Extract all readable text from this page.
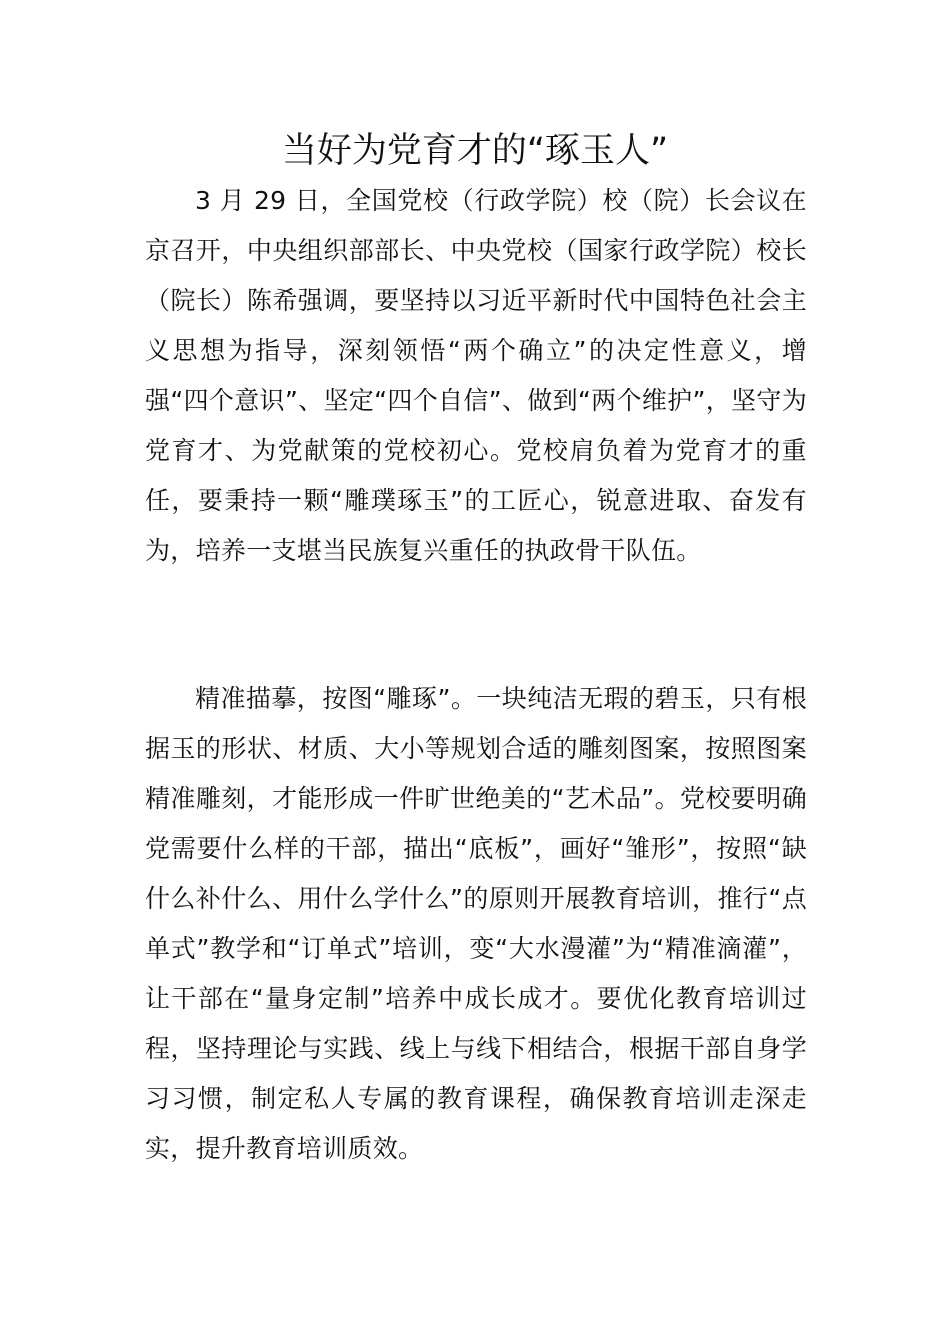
当好为党育才的“琢玉人”

3 月 29 日，全国党校（行政学院）校（院）长会议在京召开，中央组织部部长、中央党校（国家行政学院）校长（院长）陈希强调，要坚持以习近平新时代中国特色社会主义思想为指导，深刻领悟“两个确立”的决定性意义，增强“四个意识”、坚定“四个自信”、做到“两个维护”，坚守为党育才、为党献策的党校初心。党校肩负着为党育才的重任，要秉持一颗“雕璞琢玉”的工匠心，锐意进取、奋发有为，培养一支堪当民族复兴重任的执政骨干队伍。

精准描摹，按图“雕琢”。一块纯洁无瑕的碧玉，只有根据玉的形状、材质、大小等规划合适的雕刻图案，按照图案精准雕刻，才能形成一件旷世绝美的“艺术品”。党校要明确党需要什么样的干部，描出“底板”，画好“雏形”，按照“缺什么补什么、用什么学什么”的原则开展教育培训，推行“点单式”教学和“订单式”培训，变“大水漫灌”为“精准滴灌”，让干部在“量身定制”培养中成长成才。要优化教育培训过程，坚持理论与实践、线上与线下相结合，根据干部自身学习习惯，制定私人专属的教育课程，确保教育培训走深走实，提升教育培训质效。
